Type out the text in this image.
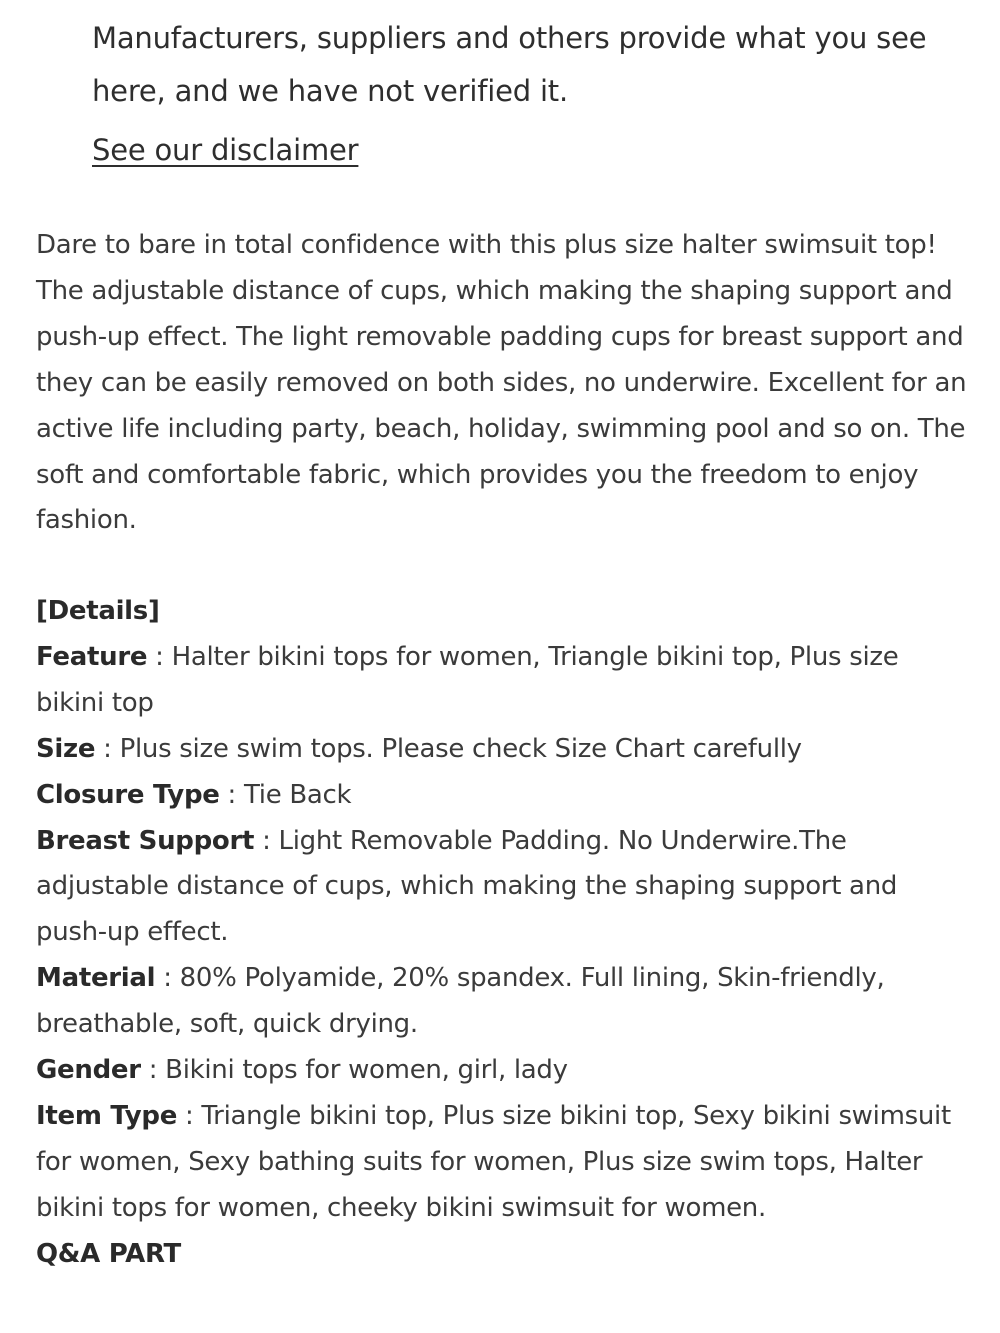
Manufacturers, suppliers and others provide what you see here, and we have not verified it.

See our disclaimer

Dare to bare in total confidence with this plus size halter swimsuit top! The adjustable distance of cups, which making the shaping support and push-up effect. The light removable padding cups for breast support and they can be easily removed on both sides, no underwire. Excellent for an active life including party, beach, holiday, swimming pool and so on. The soft and comfortable fabric, which provides you the freedom to enjoy fashion.

[Details]

Feature : Halter bikini tops for women, Triangle bikini top, Plus size bikini top

Size : Plus size swim tops. Please check Size Chart carefully

Closure Type : Tie Back

Breast Support : Light Removable Padding. No Underwire.The adjustable distance of cups, which making the shaping support and push-up effect.

Material : 80% Polyamide, 20% spandex. Full lining, Skin-friendly, breathable, soft, quick drying.

Gender : Bikini tops for women, girl, lady

Item Type : Triangle bikini top, Plus size bikini top, Sexy bikini swimsuit for women, Sexy bathing suits for women, Plus size swim tops, Halter bikini tops for women, cheeky bikini swimsuit for women.

Q&A PART
